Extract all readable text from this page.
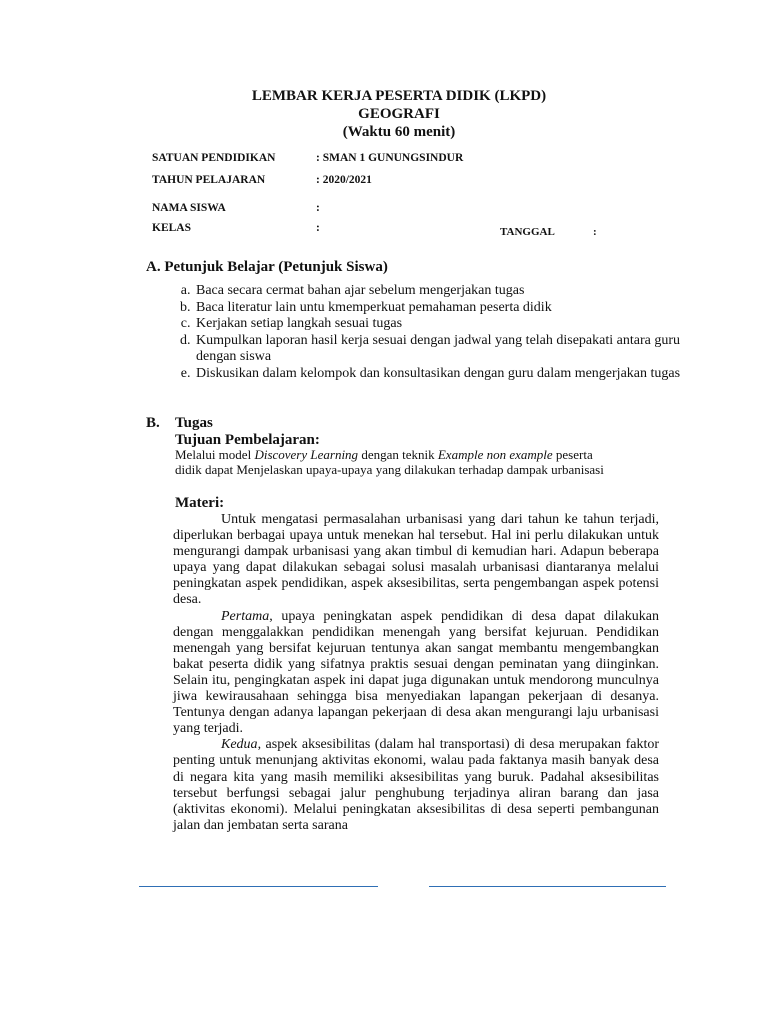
LEMBAR KERJA PESERTA DIDIK (LKPD)
GEOGRAFI
(Waktu 60 menit)
SATUAN PENDIDIKAN	: SMAN 1 GUNUNGSINDUR
TAHUN PELAJARAN	: 2020/2021
NAMA SISWA	:
KELAS	:	TANGGAL	:
A. Petunjuk Belajar (Petunjuk Siswa)
a. Baca secara cermat bahan ajar sebelum mengerjakan tugas
b. Baca literatur lain untu kmemperkuat pemahaman peserta didik
c. Kerjakan setiap langkah sesuai tugas
d. Kumpulkan laporan hasil kerja sesuai dengan jadwal yang telah disepakati antara guru dengan siswa
e. Diskusikan dalam kelompok dan konsultasikan dengan guru dalam mengerjakan tugas
B. Tugas
Tujuan Pembelajaran:
Melalui model Discovery Learning dengan teknik Example non example peserta
didik dapat Menjelaskan upaya-upaya yang dilakukan terhadap dampak urbanisasi
Materi:

Untuk mengatasi permasalahan urbanisasi yang dari tahun ke tahun terjadi, diperlukan berbagai upaya untuk menekan hal tersebut. Hal ini perlu dilakukan untuk mengurangi dampak urbanisasi yang akan timbul di kemudian hari. Adapun beberapa upaya yang dapat dilakukan sebagai solusi masalah urbanisasi diantaranya melalui peningkatan aspek pendidikan, aspek aksesibilitas, serta pengembangan aspek potensi desa.

Pertama, upaya peningkatan aspek pendidikan di desa dapat dilakukan dengan menggalakkan pendidikan menengah yang bersifat kejuruan. Pendidikan menengah yang bersifat kejuruan tentunya akan sangat membantu mengembangkan bakat peserta didik yang sifatnya praktis sesuai dengan peminatan yang diinginkan. Selain itu, pengingkatan aspek ini dapat juga digunakan untuk mendorong munculnya jiwa kewirausahaan sehingga bisa menyediakan lapangan pekerjaan di desanya. Tentunya dengan adanya lapangan pekerjaan di desa akan mengurangi laju urbanisasi yang terjadi.

Kedua, aspek aksesibilitas (dalam hal transportasi) di desa merupakan faktor penting untuk menunjang aktivitas ekonomi, walau pada faktanya masih banyak desa di negara kita yang masih memiliki aksesibilitas yang buruk. Padahal aksesibilitas tersebut berfungsi sebagai jalur penghubung terjadinya aliran barang dan jasa (aktivitas ekonomi). Melalui peningkatan aksesibilitas di desa seperti pembangunan jalan dan jembatan serta sarana
